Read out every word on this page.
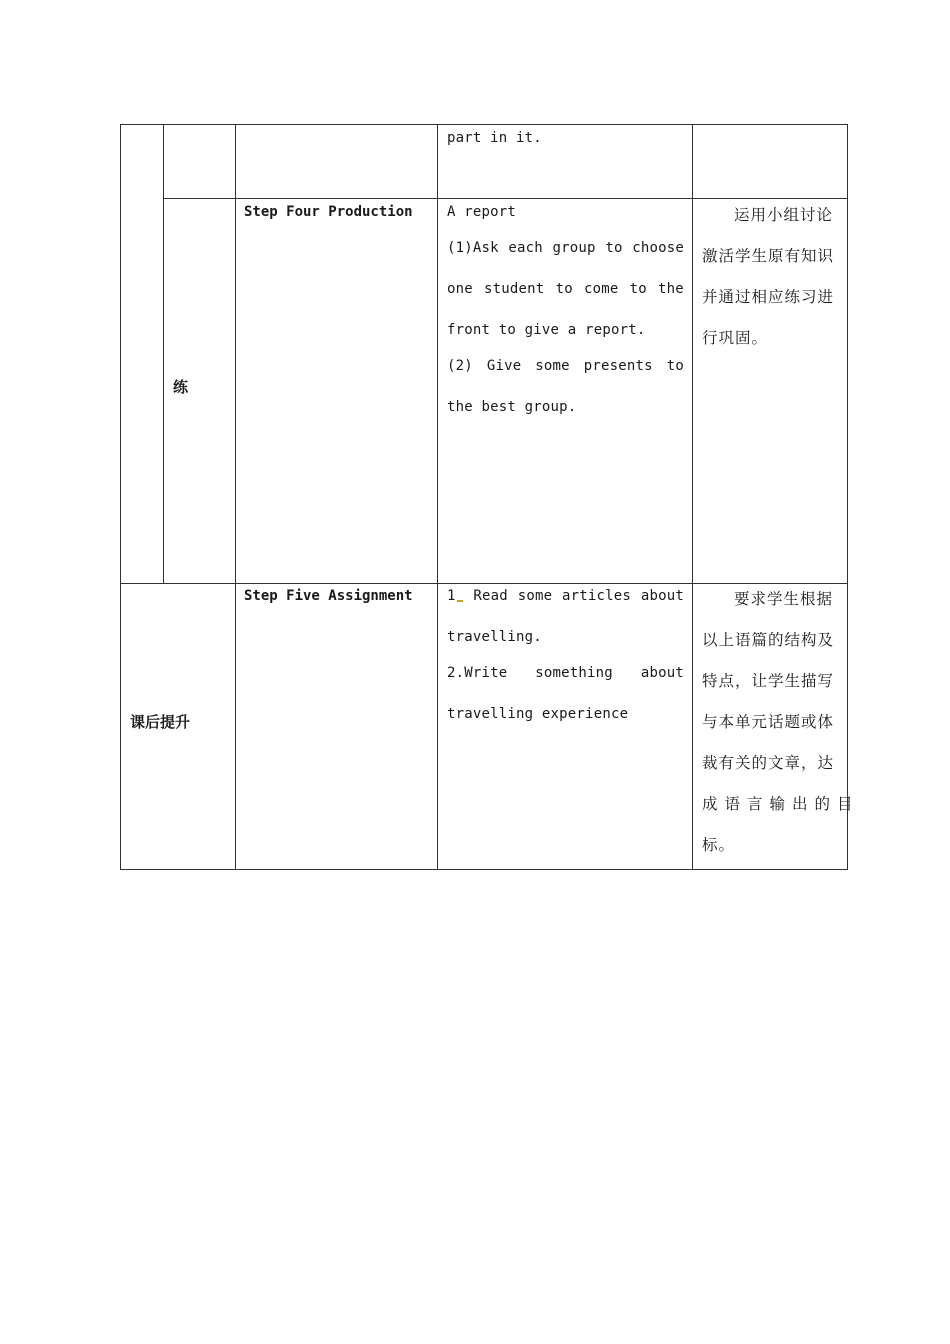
part in it.
练
Step Four Production A report
(1)Ask each group to choose
one student to come to the
front to give a report.
(2) Give some presents to
the best group.
运用小组讨论
激活学生原有知识
并通过相应练习进
行巩固。
课后提升
Step Five Assignment 1	Read some articles about
travelling.
2.Write something about
travelling experience
要求学生根据
以上语篇的结构及
特点，让学生描写
与本单元话题或体
裁有关的文章，达
成语言输出的目
标。
